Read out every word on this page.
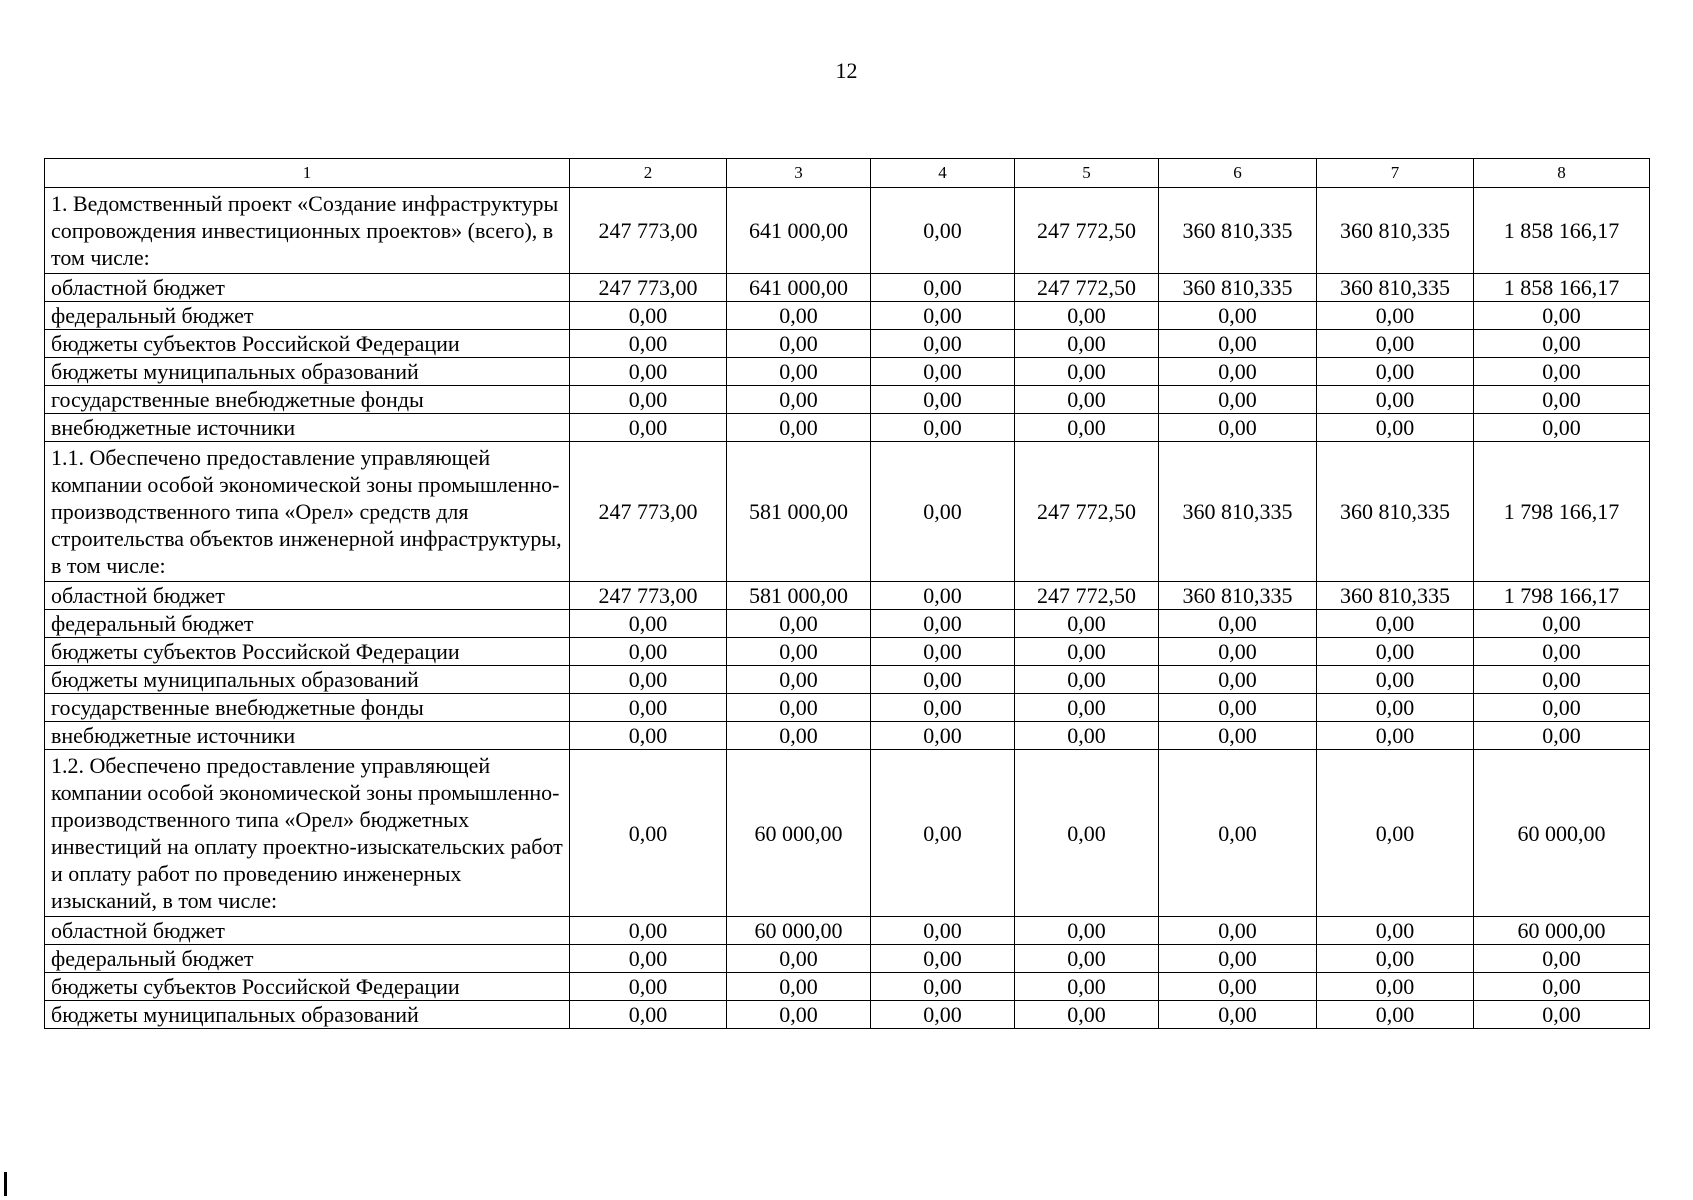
12
1	2	3	4	5	6	7	8
1. Ведомственный проект «Создание инфраструктуры сопровождения инвестиционных проектов» (всего), в том числе:	247 773,00	641 000,00	0,00	247 772,50	360 810,335	360 810,335	1 858 166,17
областной бюджет	247 773,00	641 000,00	0,00	247 772,50	360 810,335	360 810,335	1 858 166,17
федеральный бюджет	0,00	0,00	0,00	0,00	0,00	0,00	0,00
бюджеты субъектов Российской Федерации	0,00	0,00	0,00	0,00	0,00	0,00	0,00
бюджеты муниципальных образований	0,00	0,00	0,00	0,00	0,00	0,00	0,00
государственные внебюджетные фонды	0,00	0,00	0,00	0,00	0,00	0,00	0,00
внебюджетные источники	0,00	0,00	0,00	0,00	0,00	0,00	0,00
1.1. Обеспечено предоставление управляющей компании особой экономической зоны промышленно-производственного типа «Орел» средств для строительства объектов инженерной инфраструктуры, в том числе:	247 773,00	581 000,00	0,00	247 772,50	360 810,335	360 810,335	1 798 166,17
областной бюджет	247 773,00	581 000,00	0,00	247 772,50	360 810,335	360 810,335	1 798 166,17
федеральный бюджет	0,00	0,00	0,00	0,00	0,00	0,00	0,00
бюджеты субъектов Российской Федерации	0,00	0,00	0,00	0,00	0,00	0,00	0,00
бюджеты муниципальных образований	0,00	0,00	0,00	0,00	0,00	0,00	0,00
государственные внебюджетные фонды	0,00	0,00	0,00	0,00	0,00	0,00	0,00
внебюджетные источники	0,00	0,00	0,00	0,00	0,00	0,00	0,00
1.2. Обеспечено предоставление управляющей компании особой экономической зоны промышленно-производственного типа «Орел» бюджетных инвестиций на оплату проектно-изыскательских работ и оплату работ по проведению инженерных изысканий, в том числе:	0,00	60 000,00	0,00	0,00	0,00	0,00	60 000,00
областной бюджет	0,00	60 000,00	0,00	0,00	0,00	0,00	60 000,00
федеральный бюджет	0,00	0,00	0,00	0,00	0,00	0,00	0,00
бюджеты субъектов Российской Федерации	0,00	0,00	0,00	0,00	0,00	0,00	0,00
бюджеты муниципальных образований	0,00	0,00	0,00	0,00	0,00	0,00	0,00
